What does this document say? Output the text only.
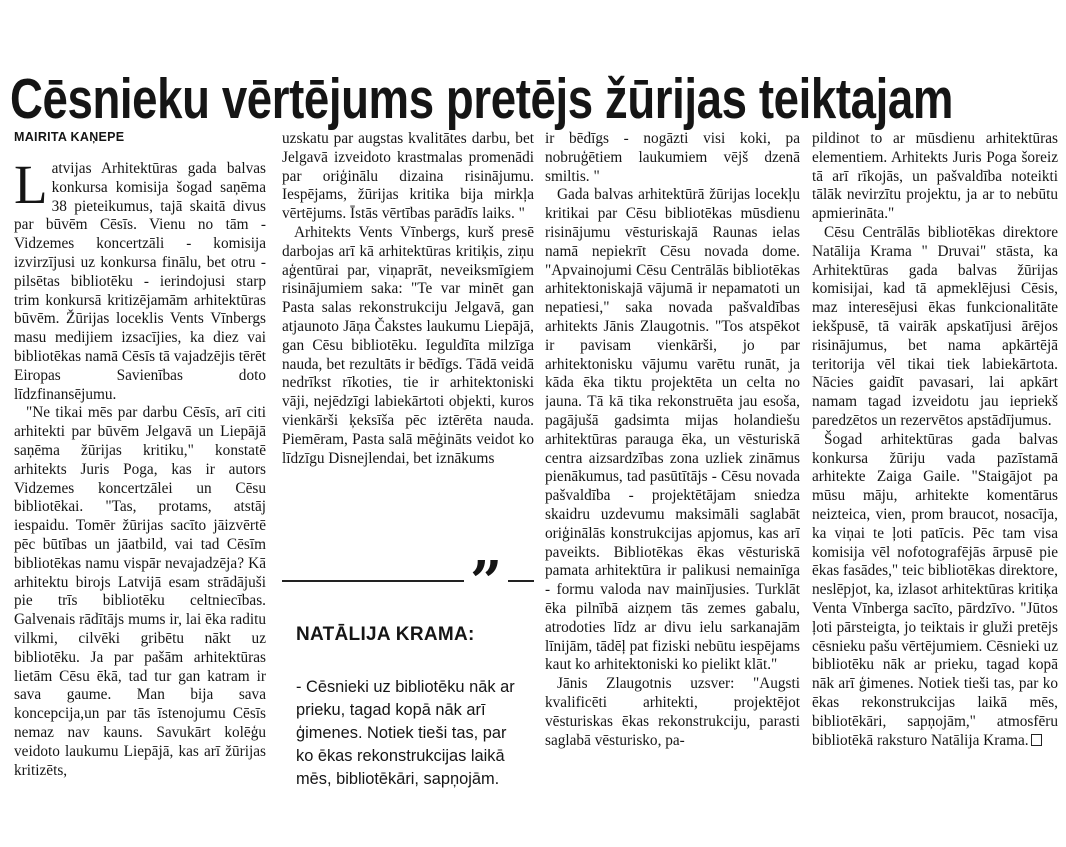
Cēsnieku vērtējums pretējs žūrijas teiktajam
MAIRITA KAŅEPE

Latvijas Arhitektūras gada balvas konkursa komisija šogad saņēma 38 pieteikumus, tajā skaitā divus par būvēm Cēsīs. Vienu no tām - Vidzemes koncertzāli - komisija izvirzījusi uz konkursa finālu, bet otru - pilsētas bibliotēku - ierindojusi starp trim konkursā kritizējamām arhitektūras būvēm. Žūrijas loceklis Vents Vīnbergs masu medijiem izsacījies, ka diez vai bibliotēkas namā Cēsīs tā vajadzējis tērēt Eiropas Savienības doto līdzfinansējumu.

"Ne tikai mēs par darbu Cēsīs, arī citi arhitekti par būvēm Jelgavā un Liepājā saņēma žūrijas kritiku," konstatē arhitekts Juris Poga, kas ir autors Vidzemes koncertzālei un Cēsu bibliotēkai. "Tas, protams, atstāj iespaidu. Tomēr žūrijas sacīto jāizvērtē pēc būtības un jāatbild, vai tad Cēsīm bibliotēkas namu vispār nevajadzēja? Kā arhitektu birojs Latvijā esam strādājuši pie trīs bibliotēku celtniecības. Galvenais rādītājs mums ir, lai ēka raditu vilkmi, cilvēki gribētu nākt uz bibliotēku. Ja par pašām arhitektūras lietām Cēsu ēkā, tad tur gan katram ir sava gaume. Man bija sava koncepcija,un par tās īstenojumu Cēsīs nemaz nav kauns. Savukārt kolēģu veidoto laukumu Liepājā, kas arī žūrijas kritizēts,

uzskatu par augstas kvalitātes darbu, bet Jelgavā izveidoto krastmalas promenādi par oriģinālu dizaina risinājumu. Iespējams, žūrijas kritika bija mirkļa vērtējums. Īstās vērtības parādīs laiks. "

Arhitekts Vents Vīnbergs, kurš presē darbojas arī kā arhitektūras kritiķis, ziņu aģentūrai par, viņaprāt, neveiksmīgiem risinājumiem saka: "Te var minēt gan Pasta salas rekonstrukciju Jelgavā, gan atjaunoto Jāņa Čakstes laukumu Liepājā, gan Cēsu bibliotēku. Ieguldīta milzīga nauda, bet rezultāts ir bēdīgs. Tādā veidā nedrīkst rīkoties, tie ir arhitektoniski vāji, nejēdzīgi labiekārtoti objekti, kuros vienkārši ķeksīša pēc iztērēta nauda. Piemēram, Pasta salā mēģināts veidot ko līdzīgu Disnejlendai, bet iznākums

”
NATĀLIJA KRAMA:
- Cēsnieki uz bibliotēku nāk ar prieku, tagad kopā nāk arī ģimenes. Notiek tieši tas, par ko ēkas rekonstrukcijas laikā mēs, bibliotēkāri, sapņojām.

ir bēdīgs - nogāzti visi koki, pa nobruģētiem laukumiem vējš dzenā smiltis. "

Gada balvas arhitektūrā žūrijas locekļu kritikai par Cēsu bibliotēkas mūsdienu risinājumu vēsturiskajā Raunas ielas namā nepiekrīt Cēsu novada dome. "Apvainojumi Cēsu Centrālās bibliotēkas arhitektoniskajā vājumā ir nepamatoti un nepatiesi," saka novada pašvaldības arhitekts Jānis Zlaugotnis. "Tos atspēkot ir pavisam vienkārši, jo par arhitektonisku vājumu varētu runāt, ja kāda ēka tiktu projektēta un celta no jauna. Tā kā tika rekonstruēta jau esoša, pagājušā gadsimta mijas holandiešu arhitektūras parauga ēka, un vēsturiskā centra aizsardzības zona uzliek zināmus pienākumus, tad pasūtītājs - Cēsu novada pašvaldība - projektētājam sniedza skaidru uzdevumu maksimāli saglabāt oriģinālās konstrukcijas apjomus, kas arī paveikts. Bibliotēkas ēkas vēsturiskā pamata arhitektūra ir palikusi nemainīga - formu valoda nav mainījusies. Turklāt ēka pilnībā aizņem tās zemes gabalu, atrodoties līdz ar divu ielu sarkanajām līnijām, tādēļ pat fiziski nebūtu iespējams kaut ko arhitektoniski ko pielikt klāt."

Jānis Zlaugotnis uzsver: "Augsti kvalificēti arhitekti, projektējot vēsturiskas ēkas rekonstrukciju, parasti saglabā vēsturisko, pa-

pildinot to ar mūsdienu arhitektūras elementiem. Arhitekts Juris Poga šoreiz tā arī rīkojās, un pašvaldība noteikti tālāk nevirzītu projektu, ja ar to nebūtu apmierināta."

Cēsu Centrālās bibliotēkas direktore Natālija Krama " Druvai" stāsta, ka Arhitektūras gada balvas žūrijas komisijai, kad tā apmeklējusi Cēsis, maz interesējusi ēkas funkcionalitāte iekšpusē, tā vairāk apskatījusi ārējos risinājumus, bet nama apkārtējā teritorija vēl tikai tiek labiekārtota. Nācies gaidīt pavasari, lai apkārt namam tagad izveidotu jau iepriekš paredzētos un rezervētos apstādījumus.

Šogad arhitektūras gada balvas konkursa žūriju vada pazīstamā arhitekte Zaiga Gaile. "Staigājot pa mūsu māju, arhitekte komentārus neizteica, vien, prom braucot, nosacīja, ka viņai te ļoti patīcis. Pēc tam visa komisija vēl nofotografējās ārpusē pie ēkas fasādes," teic bibliotēkas direktore, neslēpjot, ka, izlasot arhitektūras kritiķa Venta Vīnberga sacīto, pārdzīvo. "Jūtos ļoti pārsteigta, jo teiktais ir gluži pretējs cēsnieku pašu vērtējumiem. Cēsnieki uz bibliotēku nāk ar prieku, tagad kopā nāk arī ģimenes. Notiek tieši tas, par ko ēkas rekonstrukcijas laikā mēs, bibliotēkāri, sapņojām," atmosfēru bibliotēkā raksturo Natālija Krama.
